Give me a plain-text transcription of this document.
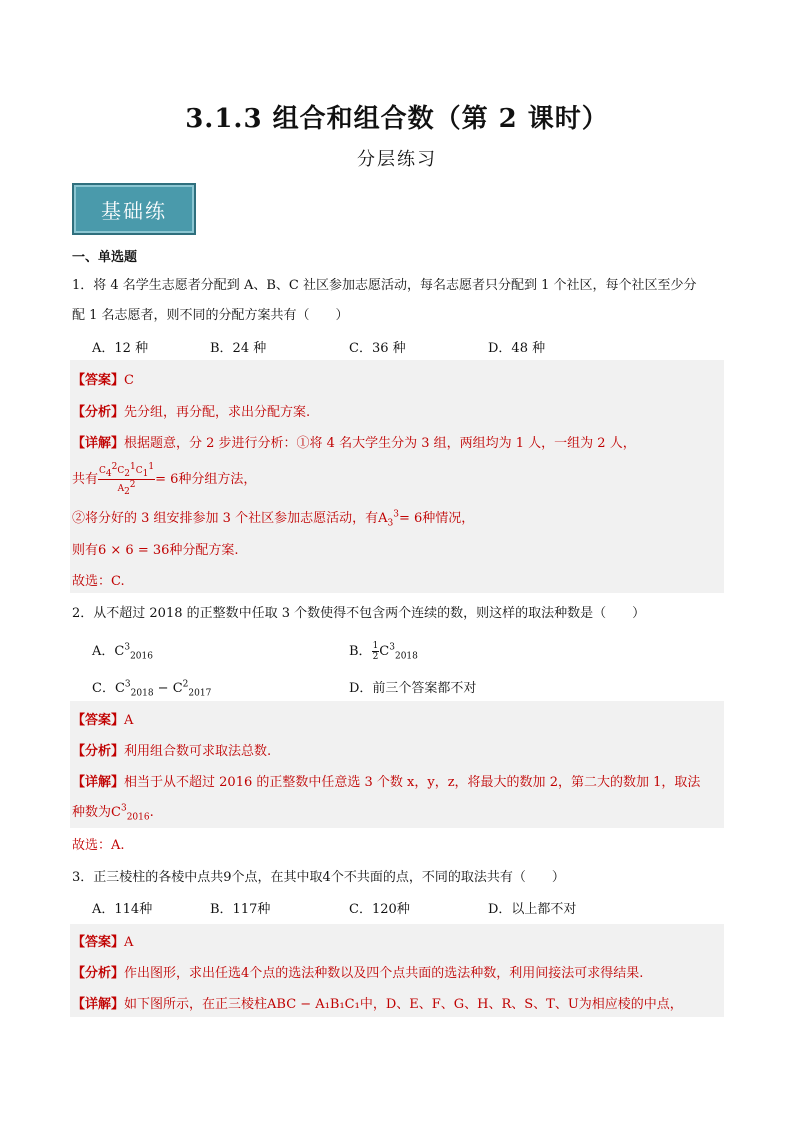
3.1.3 组合和组合数（第 2 课时）
分层练习
基础练
一、单选题
1．将 4 名学生志愿者分配到 A、B、C 社区参加志愿活动，每名志愿者只分配到 1 个社区，每个社区至少分
配 1 名志愿者，则不同的分配方案共有（　　）
A．12 种	B．24 种	C．36 种	D．48 种
【答案】C
【分析】先分组，再分配，求出分配方案.
【详解】根据题意，分 2 步进行分析：①将 4 名大学生分为 3 组，两组均为 1 人，一组为 2 人，
共有 $\frac{C_4^2C_2^1C_1^1}{A_2^2} = 6$种分组方法，
②将分好的 3 组安排参加 3 个社区参加志愿活动，有$A_3^3= 6$种情况，
则有6 × 6 = 36种分配方案.
故选：C.
2．从不超过 2018 的正整数中任取 3 个数使得不包含两个连续的数，则这样的取法种数是（　　）
A．$C^3_{2016}$	B． $\frac{1}{2} C^3_{2018}$
C．$C^3_{2018} - C^2_{2017}$	D．前三个答案都不对
【答案】A
【分析】利用组合数可求取法总数.
【详解】相当于从不超过 2016 的正整数中任意选 3 个数 x，y，z，将最大的数加 2，第二大的数加 1，取法
种数为$C^3_{2016}$.
故选：A.
3．正三棱柱的各棱中点共9个点，在其中取4个不共面的点，不同的取法共有（　　）
A．114种	B．117种	C．120种	D．以上都不对
【答案】A
【分析】作出图形，求出任选4个点的选法种数以及四个点共面的选法种数，利用间接法可求得结果.
【详解】如下图所示，在正三棱柱ABC − A₁B₁C₁中，D、E、F、G、H、R、S、T、U为相应棱的中点，
